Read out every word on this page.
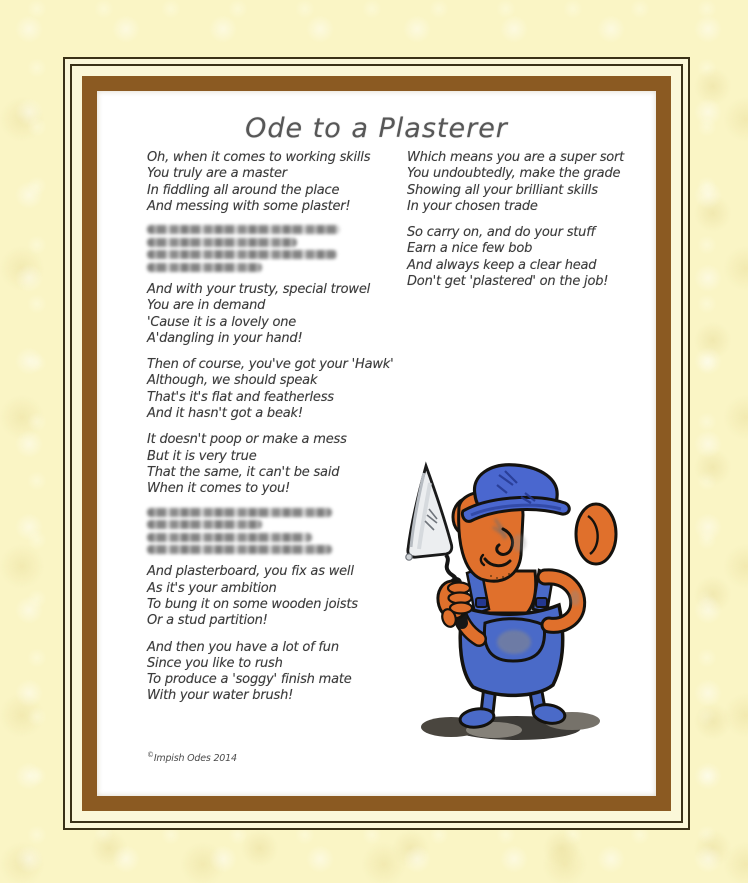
Ode to a Plasterer
Oh, when it comes to working skills
You truly are a master
In fiddling all around the place
And messing with some plaster!
And with your trusty, special trowel
You are in demand
'Cause it is a lovely one
A'dangling in your hand!
Then of course, you've got your 'Hawk'
Although, we should speak
That's it's flat and featherless
And it hasn't got a beak!
It doesn't poop or make a mess
But it is very true
That the same, it can't be said
When it comes to you!
And plasterboard, you fix as well
As it's your ambition
To bung it on some wooden joists
Or a stud partition!
And then you have a lot of fun
Since you like to rush
To produce a 'soggy' finish mate
With your water brush!
Which means you are a super sort
You undoubtedly, make the grade
Showing all your brilliant skills
In your chosen trade
So carry on, and do your stuff
Earn a nice few bob
And always keep a clear head
Don't get 'plastered' on the job!
©Impish Odes 2014
